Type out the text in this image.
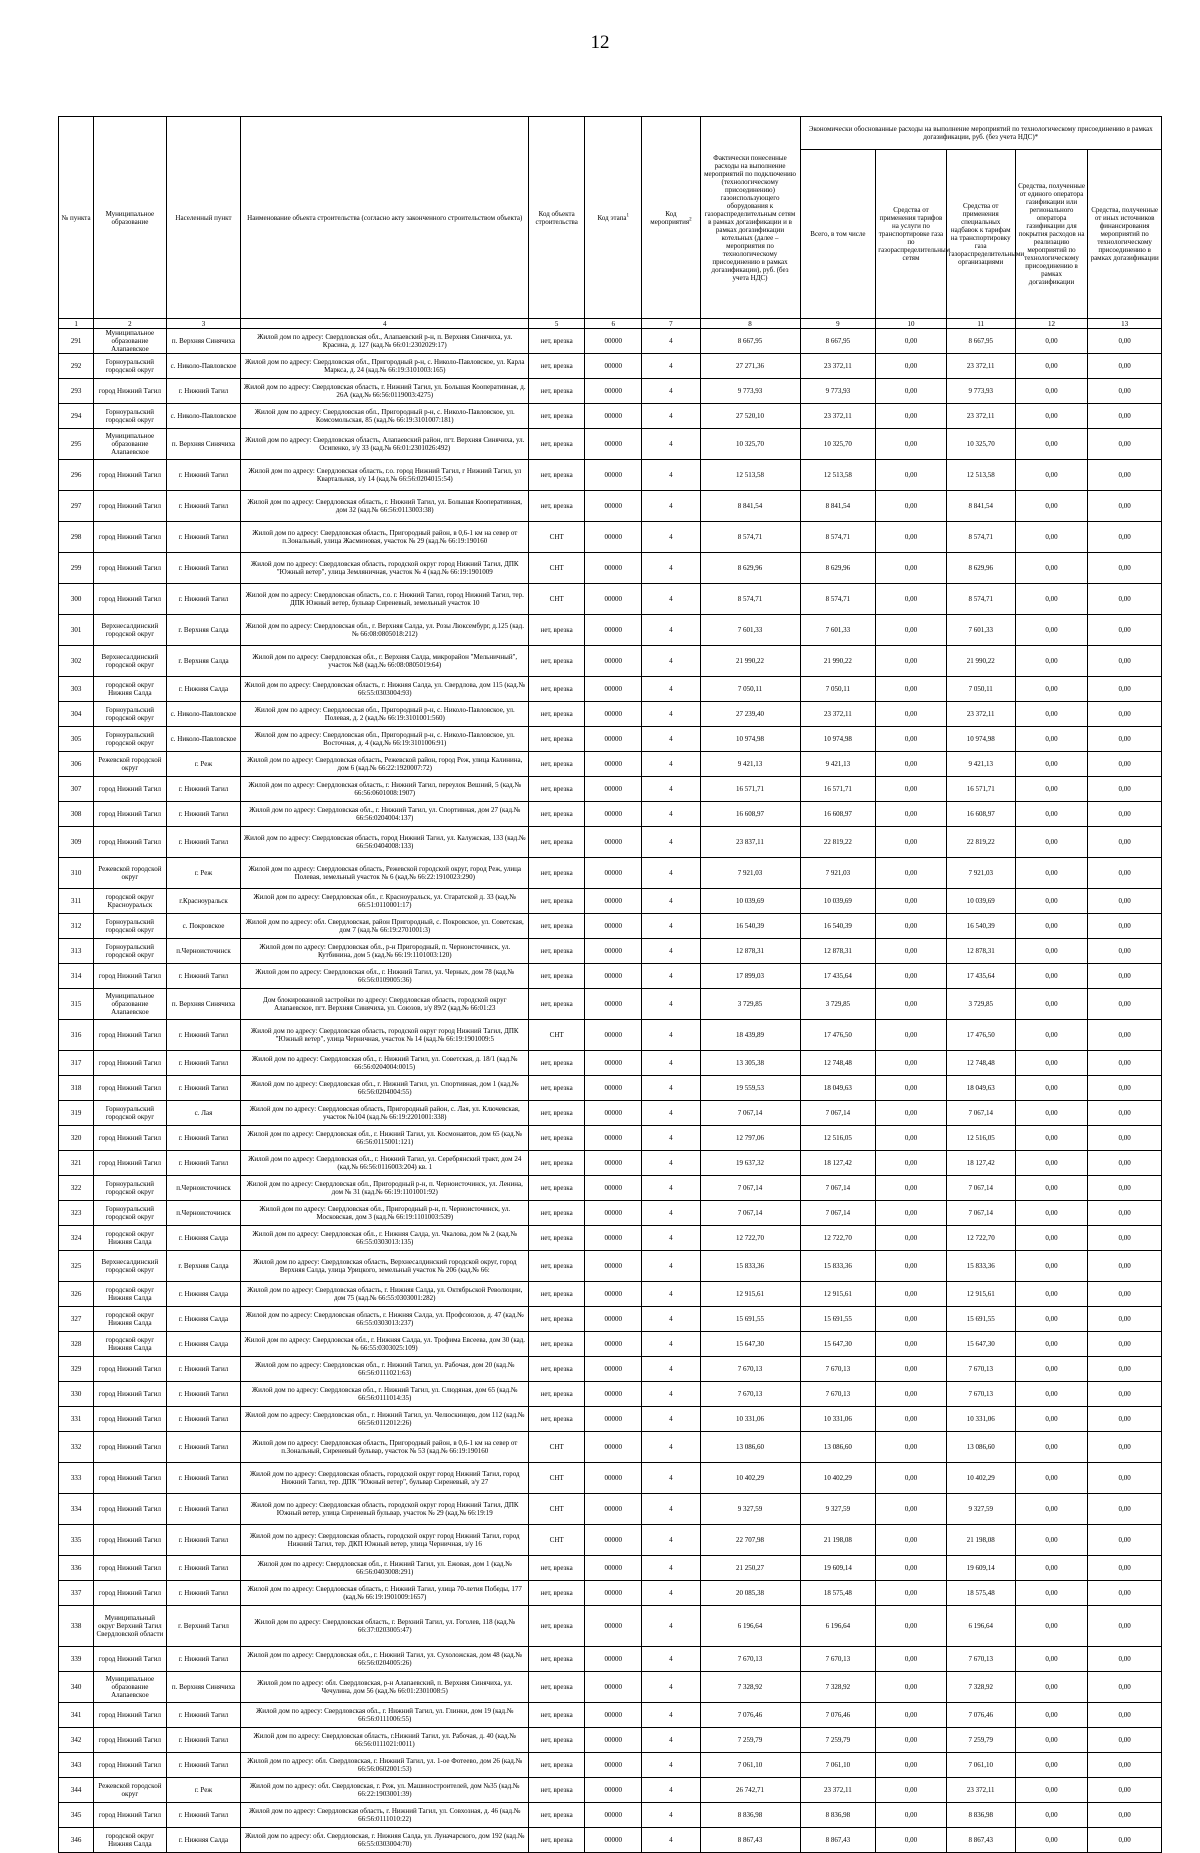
12
№ пункта	Муниципальное образование	Населенный пункт	Наименование объекта строительства (согласно акту законченного строительством объекта)	Код объекта строительства	Код этапа$^1$	Код мероприятия$^2$	Фактически понесенные расходы на выполнение мероприятий по подключению (технологическому присоединению) газоиспользующего оборудования к газораспределительным сетям в рамках догазификации и в рамках догазификации котельных (далее – мероприятия по технологическому присоединению в рамках догазификации), руб. (без учета НДС)	Экономически обоснованные расходы на выполнение мероприятий по технологическому присоединению в рамках догазификации, руб. (без учета НДС)*				
								Всего, в том числе	Средства от применения тарифов на услуги по транспортировке газа по газораспределительным сетям	Средства от применения специальных надбавок к тарифам на транспортировку газа газораспределительными организациями	Средства, полученные от единого оператора газификации или регионального оператора газификации для покрытия расходов на реализацию мероприятий по технологическому присоединению в рамках догазификации	Средства, полученные от иных источников финансирования мероприятий по технологическому присоединению в рамках догазификации
1	2	3	4	5	6	7	8	9	10	11	12	13
291	Муниципальное образование Алапаевское	п. Верхняя Синячиха	Жилой дом по адресу: Свердловская обл., Алапаевский р-н, п. Верхняя Синячиха, ул. Красина, д. 127 (кад.№ 66:01:2302029:17)	нет, врезка	00000	4	8 667,95	8 667,95	0,00	8 667,95	0,00	0,00
292	Горноуральский городской округ	с. Николо-Павловское	Жилой дом по адресу: Свердловская обл., Пригородный р-н, с. Николо-Павловское, ул. Карла Маркса, д. 24 (кад.№ 66:19:3101003:165)	нет, врезка	00000	4	27 271,36	23 372,11	0,00	23 372,11	0,00	0,00
293	город Нижний Тагил	г. Нижний Тагил	Жилой дом по адресу: Свердловская область, г. Нижний Тагил, ул. Большая Кооперативная, д. 26А (кад.№ 66:56:0119003:4275)	нет, врезка	00000	4	9 773,93	9 773,93	0,00	9 773,93	0,00	0,00
294	Горноуральский городской округ	с. Николо-Павловское	Жилой дом по адресу: Свердловская обл., Пригородный р-н, с. Николо-Павловское, ул. Комсомольская, 85 (кад.№ 66:19:3101007:181)	нет, врезка	00000	4	27 520,10	23 372,11	0,00	23 372,11	0,00	0,00
295	Муниципальное образование Алапаевское	п. Верхняя Синячиха	Жилой дом по адресу: Свердловская область, Алапаевский район, пгт. Верхняя Синячиха, ул. Осипенко, з/у 33 (кад.№ 66:01:2301026:492)	нет, врезка	00000	4	10 325,70	10 325,70	0,00	10 325,70	0,00	0,00
296	город Нижний Тагил	г. Нижний Тагил	Жилой дом по адресу: Свердловская область, г.о. город Нижний Тагил, г Нижний Тагил, ул Квартальная, з/у 14 (кад.№ 66:56:0204015:54)	нет, врезка	00000	4	12 513,58	12 513,58	0,00	12 513,58	0,00	0,00
297	город Нижний Тагил	г. Нижний Тагил	Жилой дом по адресу: Свердловская область, г. Нижний Тагил, ул. Большая Кооперативная, дом 32 (кад.№ 66:56:0113003:38)	нет, врезка	00000	4	8 841,54	8 841,54	0,00	8 841,54	0,00	0,00
298	город Нижний Тагил	г. Нижний Тагил	Жилой дом по адресу: Свердловская область, Пригородный район, в 0,6-1 км на север от п.Зональный, улица Жасминовая, участок № 29 (кад.№ 66:19:190160	СНТ	00000	4	8 574,71	8 574,71	0,00	8 574,71	0,00	0,00
299	город Нижний Тагил	г. Нижний Тагил	Жилой дом по адресу: Свердловская область, городской округ город Нижний Тагил, ДПК "Южный ветер", улица Земляничная, участок № 4 (кад.№ 66:19:1901009	СНТ	00000	4	8 629,96	8 629,96	0,00	8 629,96	0,00	0,00
300	город Нижний Тагил	г. Нижний Тагил	Жилой дом по адресу: Свердловская область, г.о. г. Нижний Тагил, город Нижний Тагил, тер. ДПК Южный ветер, бульвар Сиреневый, земельный участок 10	СНТ	00000	4	8 574,71	8 574,71	0,00	8 574,71	0,00	0,00
301	Верхнесалдинский городской округ	г. Верхняя Салда	Жилой дом по адресу: Свердловская обл., г. Верхняя Салда, ул. Розы Люксембург, д.125 (кад.№ 66:08:0805018:212)	нет, врезка	00000	4	7 601,33	7 601,33	0,00	7 601,33	0,00	0,00
302	Верхнесалдинский городской округ	г. Верхняя Салда	Жилой дом по адресу: Свердловская обл., г. Верхняя Салда, микрорайон "Мельничный", участок №8 (кад.№ 66:08:0805019:64)	нет, врезка	00000	4	21 990,22	21 990,22	0,00	21 990,22	0,00	0,00
303	городской округ Нижняя Салда	г. Нижняя Салда	Жилой дом по адресу: Свердловская область, г. Нижняя Салда, ул. Свердлова, дом 115 (кад.№ 66:55:0303004:93)	нет, врезка	00000	4	7 050,11	7 050,11	0,00	7 050,11	0,00	0,00
304	Горноуральский городской округ	с. Николо-Павловское	Жилой дом по адресу: Свердловская обл., Пригородный р-н, с. Николо-Павловское, ул. Полевая, д. 2 (кад.№ 66:19:3101001:560)	нет, врезка	00000	4	27 239,40	23 372,11	0,00	23 372,11	0,00	0,00
305	Горноуральский городской округ	с. Николо-Павловское	Жилой дом по адресу: Свердловская обл., Пригородный р-н, с. Николо-Павловское, ул. Восточная, д. 4 (кад.№ 66:19:3101006:91)	нет, врезка	00000	4	10 974,98	10 974,98	0,00	10 974,98	0,00	0,00
306	Режевской городской округ	г. Реж	Жилой дом по адресу: Свердловская область, Режевской район, город Реж, улица Калинина, дом 6 (кад.№ 66:22:1920007:72)	нет, врезка	00000	4	9 421,13	9 421,13	0,00	9 421,13	0,00	0,00
307	город Нижний Тагил	г. Нижний Тагил	Жилой дом по адресу: Свердловская область, г. Нижний Тагил, переулок Вешний, 5 (кад.№ 66:56:0601008:1907)	нет, врезка	00000	4	16 571,71	16 571,71	0,00	16 571,71	0,00	0,00
308	город Нижний Тагил	г. Нижний Тагил	Жилой дом по адресу: Свердловская обл., г. Нижний Тагил, ул. Спортивная, дом 27 (кад.№ 66:56:0204004:137)	нет, врезка	00000	4	16 608,97	16 608,97	0,00	16 608,97	0,00	0,00
309	город Нижний Тагил	г. Нижний Тагил	Жилой дом по адресу: Свердловская область, город Нижний Тагил, ул. Калужская, 133 (кад.№ 66:56:0404008:133)	нет, врезка	00000	4	23 837,11	22 819,22	0,00	22 819,22	0,00	0,00
310	Режевской городской округ	г. Реж	Жилой дом по адресу: Свердловская область, Режевской городской округ, город Реж, улица Полевая, земельный участок № 6 (кад.№ 66:22:1910023:290)	нет, врезка	00000	4	7 921,03	7 921,03	0,00	7 921,03	0,00	0,00
311	городской округ Красноуральск	г.Красноуральск	Жилой дом по адресу: Свердловская обл., г. Красноуральск, ул. Старатской д. 33 (кад.№ 66:51:0110001:17)	нет, врезка	00000	4	10 039,69	10 039,69	0,00	10 039,69	0,00	0,00
312	Горноуральский городской округ	с. Покровское	Жилой дом по адресу: обл. Свердловская, район Пригородный, с. Покровское, ул. Советская, дом 7 (кад.№ 66:19:2701001:3)	нет, врезка	00000	4	16 540,39	16 540,39	0,00	16 540,39	0,00	0,00
313	Горноуральский городской округ	п.Черноисточинск	Жилой дом по адресу: Свердловская обл., р-н Пригородный, п. Черноисточинск, ул. Кутбинина, дом 5 (кад.№ 66:19:1101003:120)	нет, врезка	00000	4	12 878,31	12 878,31	0,00	12 878,31	0,00	0,00
314	город Нижний Тагил	г. Нижний Тагил	Жилой дом по адресу: Свердловская обл., г. Нижний Тагил, ул. Черных, дом 78 (кад.№ 66:56:0109005:36)	нет, врезка	00000	4	17 899,03	17 435,64	0,00	17 435,64	0,00	0,00
315	Муниципальное образование Алапаевское	п. Верхняя Синячиха	Дом блокированной застройки по адресу: Свердловская область, городской округ Алапаевское, пгт. Верхняя Синячиха, ул. Союзов, з/у 89/2 (кад.№ 66:01:23	нет, врезка	00000	4	3 729,85	3 729,85	0,00	3 729,85	0,00	0,00
316	город Нижний Тагил	г. Нижний Тагил	Жилой дом по адресу: Свердловская область, городской округ город Нижний Тагил, ДПК "Южный ветер", улица Черничная, участок № 14 (кад.№ 66:19:1901009:5	СНТ	00000	4	18 439,89	17 476,50	0,00	17 476,50	0,00	0,00
317	город Нижний Тагил	г. Нижний Тагил	Жилой дом по адресу: Свердловская обл., г. Нижний Тагил, ул. Советская, д. 18/1 (кад.№ 66:56:0204004:0015)	нет, врезка	00000	4	13 305,38	12 748,48	0,00	12 748,48	0,00	0,00
318	город Нижний Тагил	г. Нижний Тагил	Жилой дом по адресу: Свердловская обл., г. Нижний Тагил, ул. Спортивная, дом 1 (кад.№ 66:56:0204004:55)	нет, врезка	00000	4	19 559,53	18 049,63	0,00	18 049,63	0,00	0,00
319	Горноуральский городской округ	с. Лая	Жилой дом по адресу: Свердловская область, Пригородный район, с. Лая, ул. Ключевская, участок №104 (кад.№ 66:19:2201001:338)	нет, врезка	00000	4	7 067,14	7 067,14	0,00	7 067,14	0,00	0,00
320	город Нижний Тагил	г. Нижний Тагил	Жилой дом по адресу: Свердловская обл., г. Нижний Тагил, ул. Космонавтов, дом 65 (кад.№ 66:56:0115001:121)	нет, врезка	00000	4	12 797,06	12 516,05	0,00	12 516,05	0,00	0,00
321	город Нижний Тагил	г. Нижний Тагил	Жилой дом по адресу: Свердловская обл., г. Нижний Тагил, ул. Серебрянский тракт, дом 24 (кад.№ 66:56:0116003:204) кв. 1	нет, врезка	00000	4	19 637,32	18 127,42	0,00	18 127,42	0,00	0,00
322	Горноуральский городской округ	п.Черноисточинск	Жилой дом по адресу: Свердловская обл., Пригородный р-н, п. Черноисточинск, ул. Ленина, дом № 31 (кад.№ 66:19:1101001:92)	нет, врезка	00000	4	7 067,14	7 067,14	0,00	7 067,14	0,00	0,00
323	Горноуральский городской округ	п.Черноисточинск	Жилой дом по адресу: Свердловская обл., Пригородный р-н, п. Черноисточинск, ул. Московская, дом 3 (кад.№ 66:19:1101003:539)	нет, врезка	00000	4	7 067,14	7 067,14	0,00	7 067,14	0,00	0,00
324	городской округ Нижняя Салда	г. Нижняя Салда	Жилой дом по адресу: Свердловская обл., г. Нижняя Салда, ул. Чкалова, дом № 2 (кад.№ 66:55:0303013:135)	нет, врезка	00000	4	12 722,70	12 722,70	0,00	12 722,70	0,00	0,00
325	Верхнесалдинский городской округ	г. Верхняя Салда	Жилой дом по адресу: Свердловская область, Верхнесалдинский городской округ, город Верхняя Салда, улица Урицкого, земельный участок № 206 (кад.№ 66:	нет, врезка	00000	4	15 833,36	15 833,36	0,00	15 833,36	0,00	0,00
326	городской округ Нижняя Салда	г. Нижняя Салда	Жилой дом по адресу: Свердловская область, г. Нижняя Салда, ул. Октябрьской Революции, дом 75 (кад.№ 66:55:0303001:282)	нет, врезка	00000	4	12 915,61	12 915,61	0,00	12 915,61	0,00	0,00
327	городской округ Нижняя Салда	г. Нижняя Салда	Жилой дом по адресу: Свердловская область, г. Нижняя Салда, ул. Профсоюзов, д. 47 (кад.№ 66:55:0303013:237)	нет, врезка	00000	4	15 691,55	15 691,55	0,00	15 691,55	0,00	0,00
328	городской округ Нижняя Салда	г. Нижняя Салда	Жилой дом по адресу: Свердловская обл., г. Нижняя Салда, ул. Трофима Евсеева, дом 30 (кад.№ 66:55:0303025:109)	нет, врезка	00000	4	15 647,30	15 647,30	0,00	15 647,30	0,00	0,00
329	город Нижний Тагил	г. Нижний Тагил	Жилой дом по адресу: Свердловская обл., г. Нижний Тагил, ул. Рабочая, дом 20 (кад.№ 66:56:0111021:63)	нет, врезка	00000	4	7 670,13	7 670,13	0,00	7 670,13	0,00	0,00
330	город Нижний Тагил	г. Нижний Тагил	Жилой дом по адресу: Свердловская обл., г. Нижний Тагил, ул. Слюдяная, дом 65 (кад.№ 66:56:0111014:35)	нет, врезка	00000	4	7 670,13	7 670,13	0,00	7 670,13	0,00	0,00
331	город Нижний Тагил	г. Нижний Тагил	Жилой дом по адресу: Свердловская обл., г. Нижний Тагил, ул. Челюскинцев, дом 112 (кад.№ 66:56:0112012:26)	нет, врезка	00000	4	10 331,06	10 331,06	0,00	10 331,06	0,00	0,00
332	город Нижний Тагил	г. Нижний Тагил	Жилой дом по адресу: Свердловская область, Пригородный район, в 0,6-1 км на север от п.Зональный, Сиреневый бульвар, участок № 53 (кад.№ 66:19:190160	СНТ	00000	4	13 086,60	13 086,60	0,00	13 086,60	0,00	0,00
333	город Нижний Тагил	г. Нижний Тагил	Жилой дом по адресу: Свердловская область, городской округ город Нижний Тагил, город Нижний Тагил, тер. ДПК "Южный ветер", бульвар Сиреневый, з/у 27	СНТ	00000	4	10 402,29	10 402,29	0,00	10 402,29	0,00	0,00
334	город Нижний Тагил	г. Нижний Тагил	Жилой дом по адресу: Свердловская область, городской округ город Нижний Тагил, ДПК Южный ветер, улица Сиреневый бульвар, участок № 29 (кад.№ 66:19:19	СНТ	00000	4	9 327,59	9 327,59	0,00	9 327,59	0,00	0,00
335	город Нижний Тагил	г. Нижний Тагил	Жилой дом по адресу: Свердловская область, городской округ город Нижний Тагил, город Нижний Тагил, тер. ДКП Южный ветер, улица Черничная, з/у 16	СНТ	00000	4	22 707,98	21 198,08	0,00	21 198,08	0,00	0,00
336	город Нижний Тагил	г. Нижний Тагил	Жилой дом по адресу: Свердловская обл., г. Нижний Тагил, ул. Ежовая, дом 1 (кад.№ 66:56:0403008:291)	нет, врезка	00000	4	21 250,27	19 609,14	0,00	19 609,14	0,00	0,00
337	город Нижний Тагил	г. Нижний Тагил	Жилой дом по адресу: Свердловская область, г. Нижний Тагил, улица 70-летия Победы, 177 (кад.№ 66:19:1901009:1657)	нет, врезка	00000	4	20 085,38	18 575,48	0,00	18 575,48	0,00	0,00
338	Муниципальный округ Верхний Тагил Свердловской области	г. Верхний Тагил	Жилой дом по адресу: Свердловская область, г. Верхний Тагил, ул. Гоголев, 118 (кад.№ 66:37:0203005:47)	нет, врезка	00000	4	6 196,64	6 196,64	0,00	6 196,64	0,00	0,00
339	город Нижний Тагил	г. Нижний Тагил	Жилой дом по адресу: Свердловская обл., г. Нижний Тагил, ул. Сухоложская, дом 48 (кад.№ 66:56:0204005:26)	нет, врезка	00000	4	7 670,13	7 670,13	0,00	7 670,13	0,00	0,00
340	Муниципальное образование Алапаевское	п. Верхняя Синячиха	Жилой дом по адресу: обл. Свердловская, р-н Алапаевский, п. Верхняя Синячиха, ул. Чечулина, дом 56 (кад.№ 66:01:2301008:5)	нет, врезка	00000	4	7 328,92	7 328,92	0,00	7 328,92	0,00	0,00
341	город Нижний Тагил	г. Нижний Тагил	Жилой дом по адресу: Свердловская обл., г. Нижний Тагил, ул. Глинки, дом 19 (кад.№ 66:56:0111006:55)	нет, врезка	00000	4	7 076,46	7 076,46	0,00	7 076,46	0,00	0,00
342	город Нижний Тагил	г. Нижний Тагил	Жилой дом по адресу: Свердловская область, г.Нижний Тагил, ул. Рабочая, д. 40 (кад.№ 66:56:0111021:0011)	нет, врезка	00000	4	7 259,79	7 259,79	0,00	7 259,79	0,00	0,00
343	город Нижний Тагил	г. Нижний Тагил	Жилой дом по адресу: обл. Свердловская, г. Нижний Тагил, ул. 1-ое Фотеево, дом 26 (кад.№ 66:56:0602001:53)	нет, врезка	00000	4	7 061,10	7 061,10	0,00	7 061,10	0,00	0,00
344	Режевской городской округ	г. Реж	Жилой дом по адресу: обл. Свердловская, г. Реж, ул. Машиностроителей, дом №35 (кад.№ 66:22:1903001:39)	нет, врезка	00000	4	26 742,71	23 372,11	0,00	23 372,11	0,00	0,00
345	город Нижний Тагил	г. Нижний Тагил	Жилой дом по адресу: Свердловская область, г. Нижний Тагил, ул. Совхозная, д. 46 (кад.№ 66:56:0111010:22)	нет, врезка	00000	4	8 836,98	8 836,98	0,00	8 836,98	0,00	0,00
346	городской округ Нижняя Салда	г. Нижняя Салда	Жилой дом по адресу: обл. Свердловская, г. Нижняя Салда, ул. Луначарского, дом 192 (кад.№ 66:55:0303004:70)	нет, врезка	00000	4	8 867,43	8 867,43	0,00	8 867,43	0,00	0,00
